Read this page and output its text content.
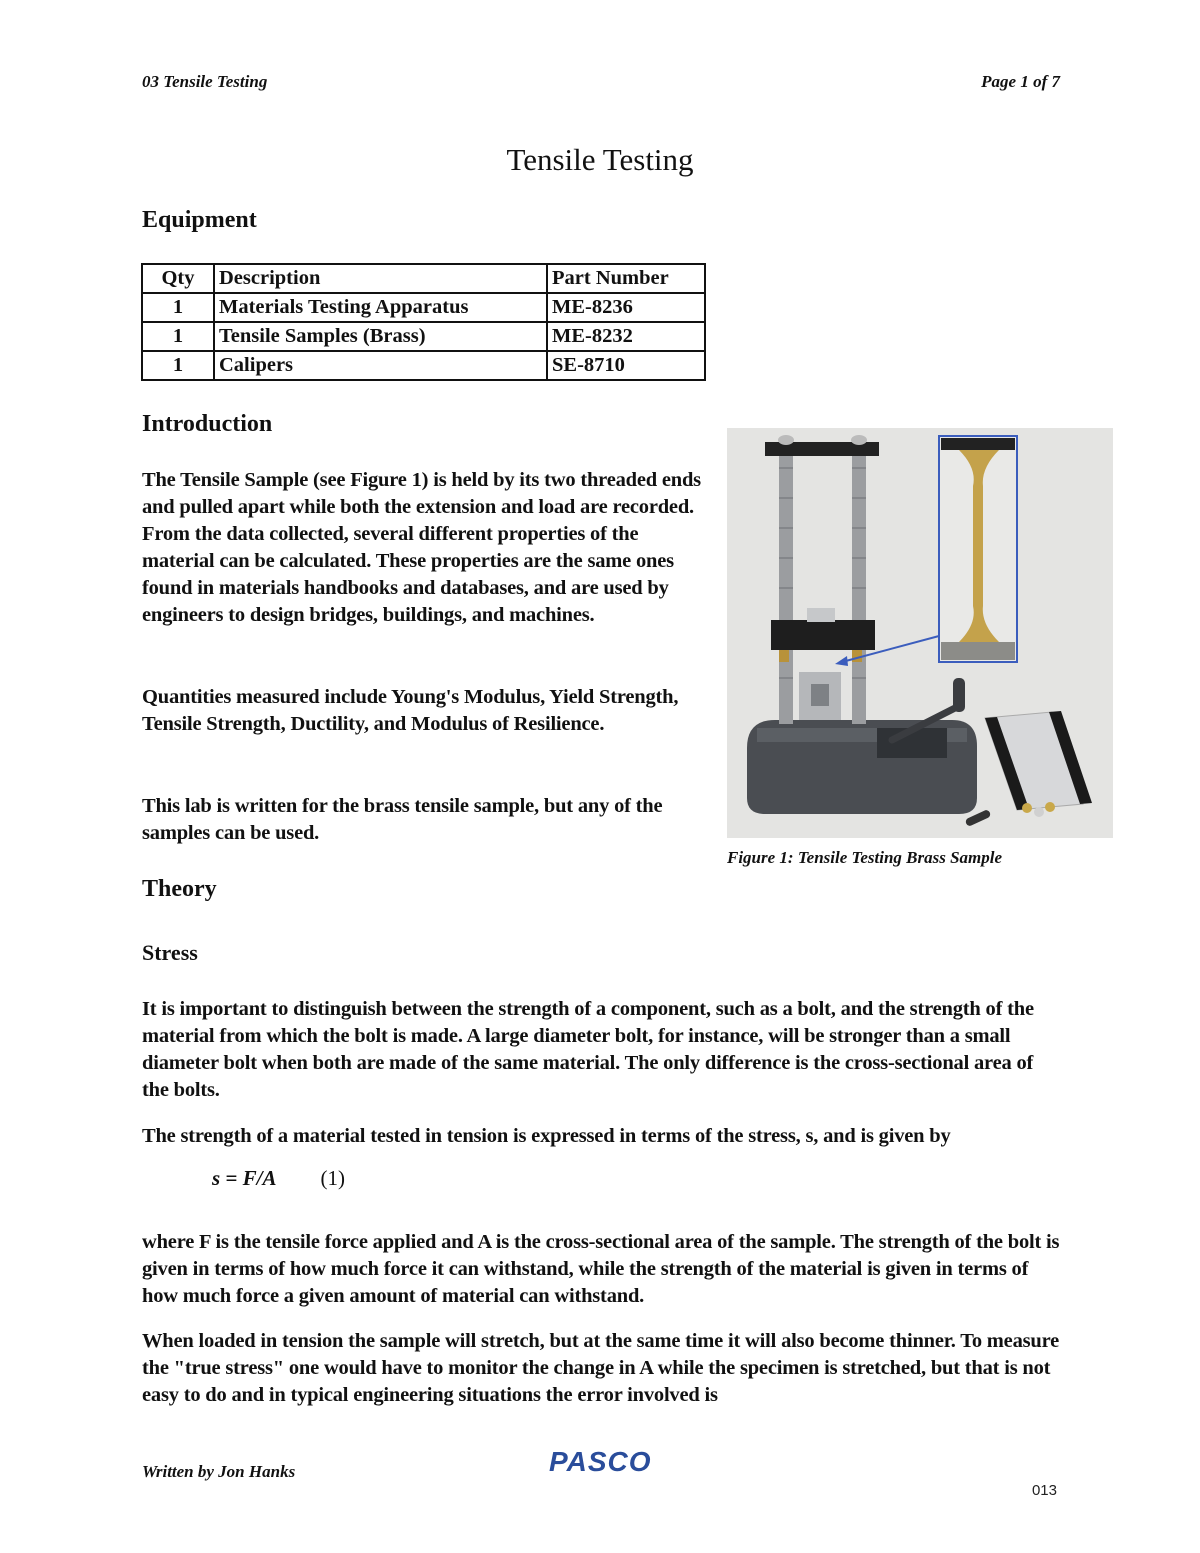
03 Tensile Testing	Page 1 of 7
Tensile Testing
Equipment
Qty	Description	Part Number
1	Materials Testing Apparatus	ME-8236
1	Tensile Samples (Brass)	ME-8232
1	Calipers	SE-8710
Introduction

The Tensile Sample (see Figure 1) is held by its two threaded ends and pulled apart while both the extension and load are recorded. From the data collected, several different properties of the material can be calculated. These properties are the same ones found in materials handbooks and databases, and are used by engineers to design bridges, buildings, and machines.

Quantities measured include Young's Modulus, Yield Strength, Tensile Strength, Ductility, and Modulus of Resilience.

This lab is written for the brass tensile sample, but any of the samples can be used.

Figure 1: Tensile Testing Brass Sample
Theory
Stress

It is important to distinguish between the strength of a component, such as a bolt, and the strength of the material from which the bolt is made. A large diameter bolt, for instance, will be stronger than a small diameter bolt when both are made of the same material. The only difference is the cross-sectional area of the bolts.

The strength of a material tested in tension is expressed in terms of the stress, s, and is given by

s = F/A (1)

where F is the tensile force applied and A is the cross-sectional area of the sample. The strength of the bolt is given in terms of how much force it can withstand, while the strength of the material is given in terms of how much force a given amount of material can withstand.

When loaded in tension the sample will stretch, but at the same time it will also become thinner. To measure the "true stress" one would have to monitor the change in A while the specimen is stretched, but that is not easy to do and in typical engineering situations the error involved is

Written by Jon Hanks	PASCO
013
